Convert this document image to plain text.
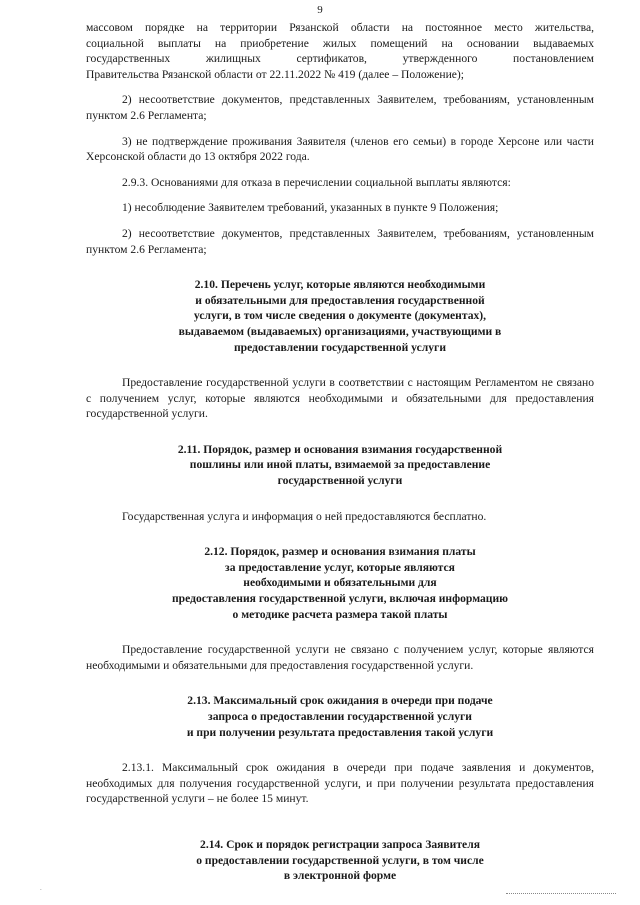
9

массовом порядке на территории Рязанской области на постоянное место жительства,

социальной выплаты на приобретение жилых помещений на основании выдаваемых

государственных жилищных сертификатов, утвержденного постановлением

Правительства Рязанской области от 22.11.2022 № 419 (далее – Положение);

2) несоответствие документов, представленных Заявителем, требованиям, установленным пунктом 2.6 Регламента;

3) не подтверждение проживания Заявителя (членов его семьи) в городе Херсоне или части Херсонской области до 13 октября 2022 года.

2.9.3. Основаниями для отказа в перечислении социальной выплаты являются:

1) несоблюдение Заявителем требований, указанных в пункте 9 Положения;

2) несоответствие документов, представленных Заявителем, требованиям, установленным пунктом 2.6 Регламента;

2.10. Перечень услуг, которые являются необходимыми
и обязательными для предоставления государственной
услуги, в том числе сведения о документе (документах),
выдаваемом (выдаваемых) организациями, участвующими в
предоставлении государственной услуги

Предоставление государственной услуги в соответствии с настоящим Регламентом не связано с получением услуг, которые являются необходимыми и обязательными для предоставления государственной услуги.

2.11. Порядок, размер и основания взимания государственной
пошлины или иной платы, взимаемой за предоставление
государственной услуги

Государственная услуга и информация о ней предоставляются бесплатно.

2.12. Порядок, размер и основания взимания платы
за предоставление услуг, которые являются
необходимыми и обязательными для
предоставления государственной услуги, включая информацию
о методике расчета размера такой платы

Предоставление государственной услуги не связано с получением услуг, которые являются необходимыми и обязательными для предоставления государственной услуги.

2.13. Максимальный срок ожидания в очереди при подаче
запроса о предоставлении государственной услуги
и при получении результата предоставления такой услуги

2.13.1. Максимальный срок ожидания в очереди при подаче заявления и документов, необходимых для получения государственной услуги, и при получении результата предоставления государственной услуги – не более 15 минут.

2.14. Срок и порядок регистрации запроса Заявителя
о предоставлении государственной услуги, в том числе
в электронной форме

.
